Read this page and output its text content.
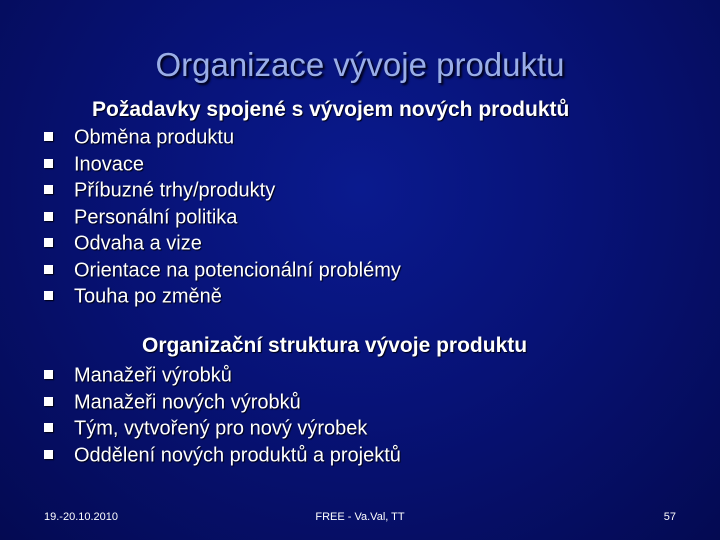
Organizace vývoje produktu
Požadavky spojené s vývojem nových produktů
Obměna produktu
Inovace
Příbuzné trhy/produkty
Personální politika
Odvaha a vize
Orientace na potencionální problémy
Touha po změně
Organizační struktura vývoje produktu
Manažeři výrobků
Manažeři nových výrobků
Tým, vytvořený pro nový výrobek
Oddělení nových produktů a projektů
19.-20.10.2010	FREE - Va.Val, TT	57
